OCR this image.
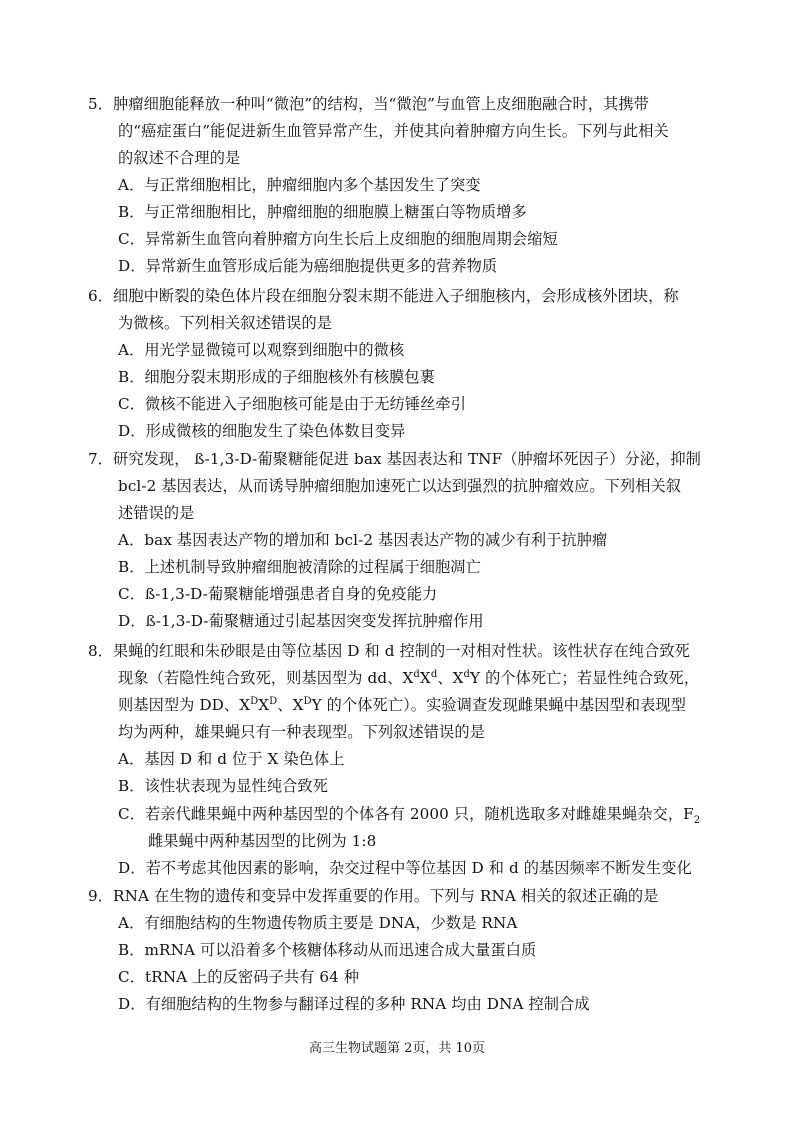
5．肿瘤细胞能释放一种叫“微泡”的结构，当“微泡”与血管上皮细胞融合时，其携带
的“癌症蛋白”能促进新生血管异常产生，并使其向着肿瘤方向生长。下列与此相关
的叙述不合理的是
A．与正常细胞相比，肿瘤细胞内多个基因发生了突变
B．与正常细胞相比，肿瘤细胞的细胞膜上糖蛋白等物质增多
C．异常新生血管向着肿瘤方向生长后上皮细胞的细胞周期会缩短
D．异常新生血管形成后能为癌细胞提供更多的营养物质
6．细胞中断裂的染色体片段在细胞分裂末期不能进入子细胞核内，会形成核外团块，称
为微核。下列相关叙述错误的是
A．用光学显微镜可以观察到细胞中的微核
B．细胞分裂末期形成的子细胞核外有核膜包裹
C．微核不能进入子细胞核可能是由于无纺锤丝牵引
D．形成微核的细胞发生了染色体数目变异
7．研究发现， ß-1,3-D-葡聚糖能促进 bax 基因表达和 TNF（肿瘤坏死因子）分泌，抑制
bcl-2 基因表达，从而诱导肿瘤细胞加速死亡以达到强烈的抗肿瘤效应。下列相关叙
述错误的是
A．bax 基因表达产物的增加和 bcl-2 基因表达产物的减少有利于抗肿瘤
B．上述机制导致肿瘤细胞被清除的过程属于细胞凋亡
C．ß-1,3-D-葡聚糖能增强患者自身的免疫能力
D．ß-1,3-D-葡聚糖通过引起基因突变发挥抗肿瘤作用
8．果蝇的红眼和朱砂眼是由等位基因 D 和 d 控制的一对相对性状。该性状存在纯合致死
现象（若隐性纯合致死，则基因型为 dd、$X^dX^d$、$X^dY$ 的个体死亡；若显性纯合致死，
则基因型为 DD、$X^DX^D$、$X^DY$ 的个体死亡）。实验调查发现雌果蝇中基因型和表现型
均为两种，雄果蝇只有一种表现型。下列叙述错误的是
A．基因 D 和 d 位于 X 染色体上
B．该性状表现为显性纯合致死
C．若亲代雌果蝇中两种基因型的个体各有 2000 只，随机选取多对雌雄果蝇杂交，$F_2$
雌果蝇中两种基因型的比例为 1:8
D．若不考虑其他因素的影响，杂交过程中等位基因 D 和 d 的基因频率不断发生变化
9．RNA 在生物的遗传和变异中发挥重要的作用。下列与 RNA 相关的叙述正确的是
A．有细胞结构的生物遗传物质主要是 DNA，少数是 RNA
B．mRNA 可以沿着多个核糖体移动从而迅速合成大量蛋白质
C．tRNA 上的反密码子共有 64 种
D．有细胞结构的生物参与翻译过程的多种 RNA 均由 DNA 控制合成
高三生物试题第 2页，共 10页
